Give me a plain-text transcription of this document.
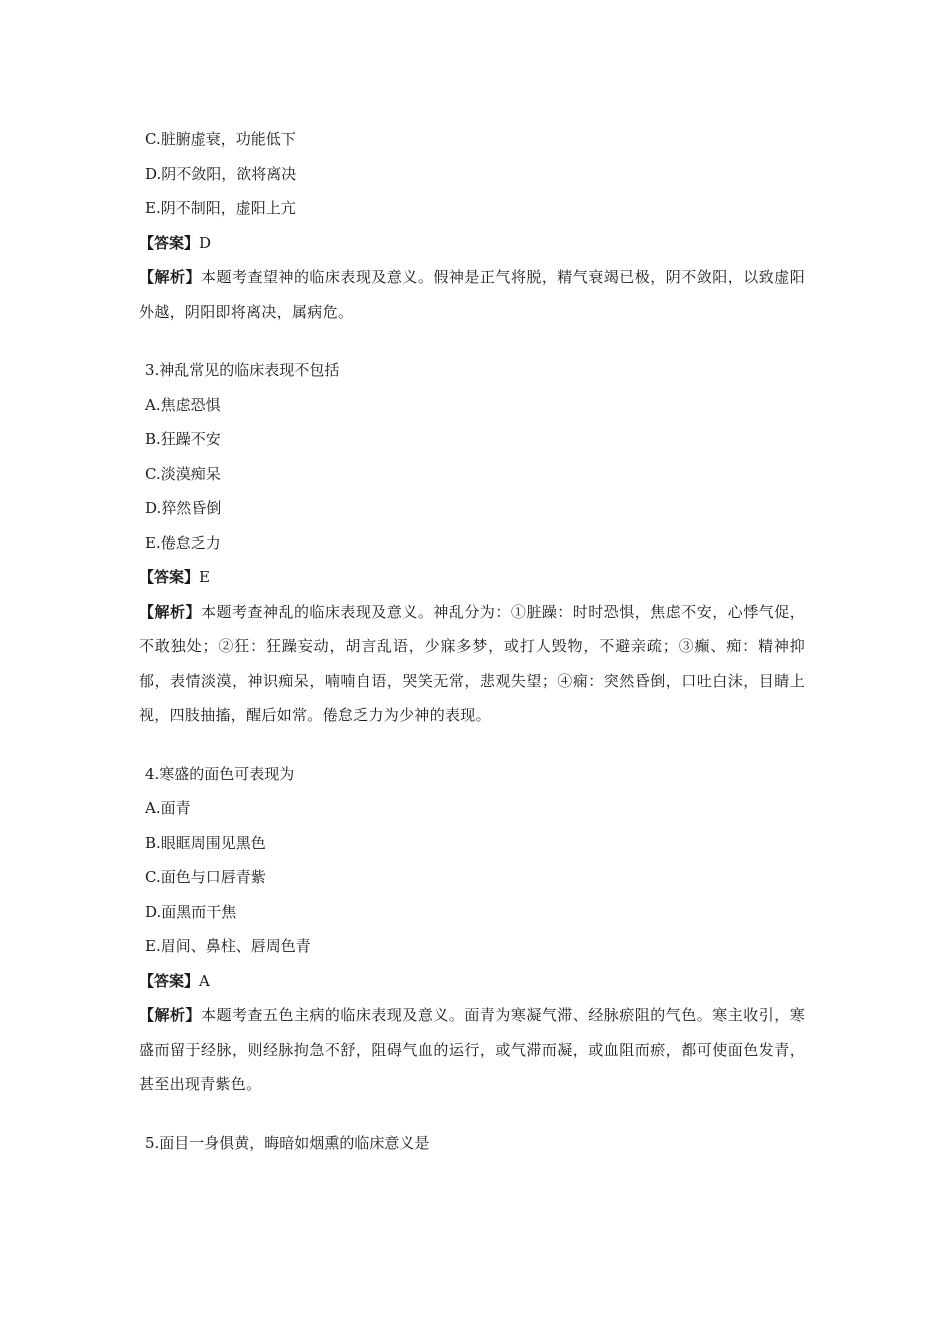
C.脏腑虚衰，功能低下
D.阴不敛阳，欲将离决
E.阴不制阳，虚阳上亢
【答案】D
【解析】本题考查望神的临床表现及意义。假神是正气将脱，精气衰竭已极，阴不敛阳，以致虚阳外越，阴阳即将离决，属病危。
3.神乱常见的临床表现不包括
A.焦虑恐惧
B.狂躁不安
C.淡漠痴呆
D.猝然昏倒
E.倦怠乏力
【答案】E
【解析】本题考查神乱的临床表现及意义。神乱分为：①脏躁：时时恐惧，焦虑不安，心悸气促，不敢独处；②狂：狂躁妄动，胡言乱语，少寐多梦，或打人毁物，不避亲疏；③癫、痴：精神抑郁，表情淡漠，神识痴呆，喃喃自语，哭笑无常，悲观失望；④痫：突然昏倒，口吐白沫，目睛上视，四肢抽搐，醒后如常。倦怠乏力为少神的表现。
4.寒盛的面色可表现为
A.面青
B.眼眶周围见黑色
C.面色与口唇青紫
D.面黑而干焦
E.眉间、鼻柱、唇周色青
【答案】A
【解析】本题考查五色主病的临床表现及意义。面青为寒凝气滞、经脉瘀阻的气色。寒主收引，寒盛而留于经脉，则经脉拘急不舒，阻碍气血的运行，或气滞而凝，或血阻而瘀，都可使面色发青，甚至出现青紫色。
5.面目一身俱黄，晦暗如烟熏的临床意义是
